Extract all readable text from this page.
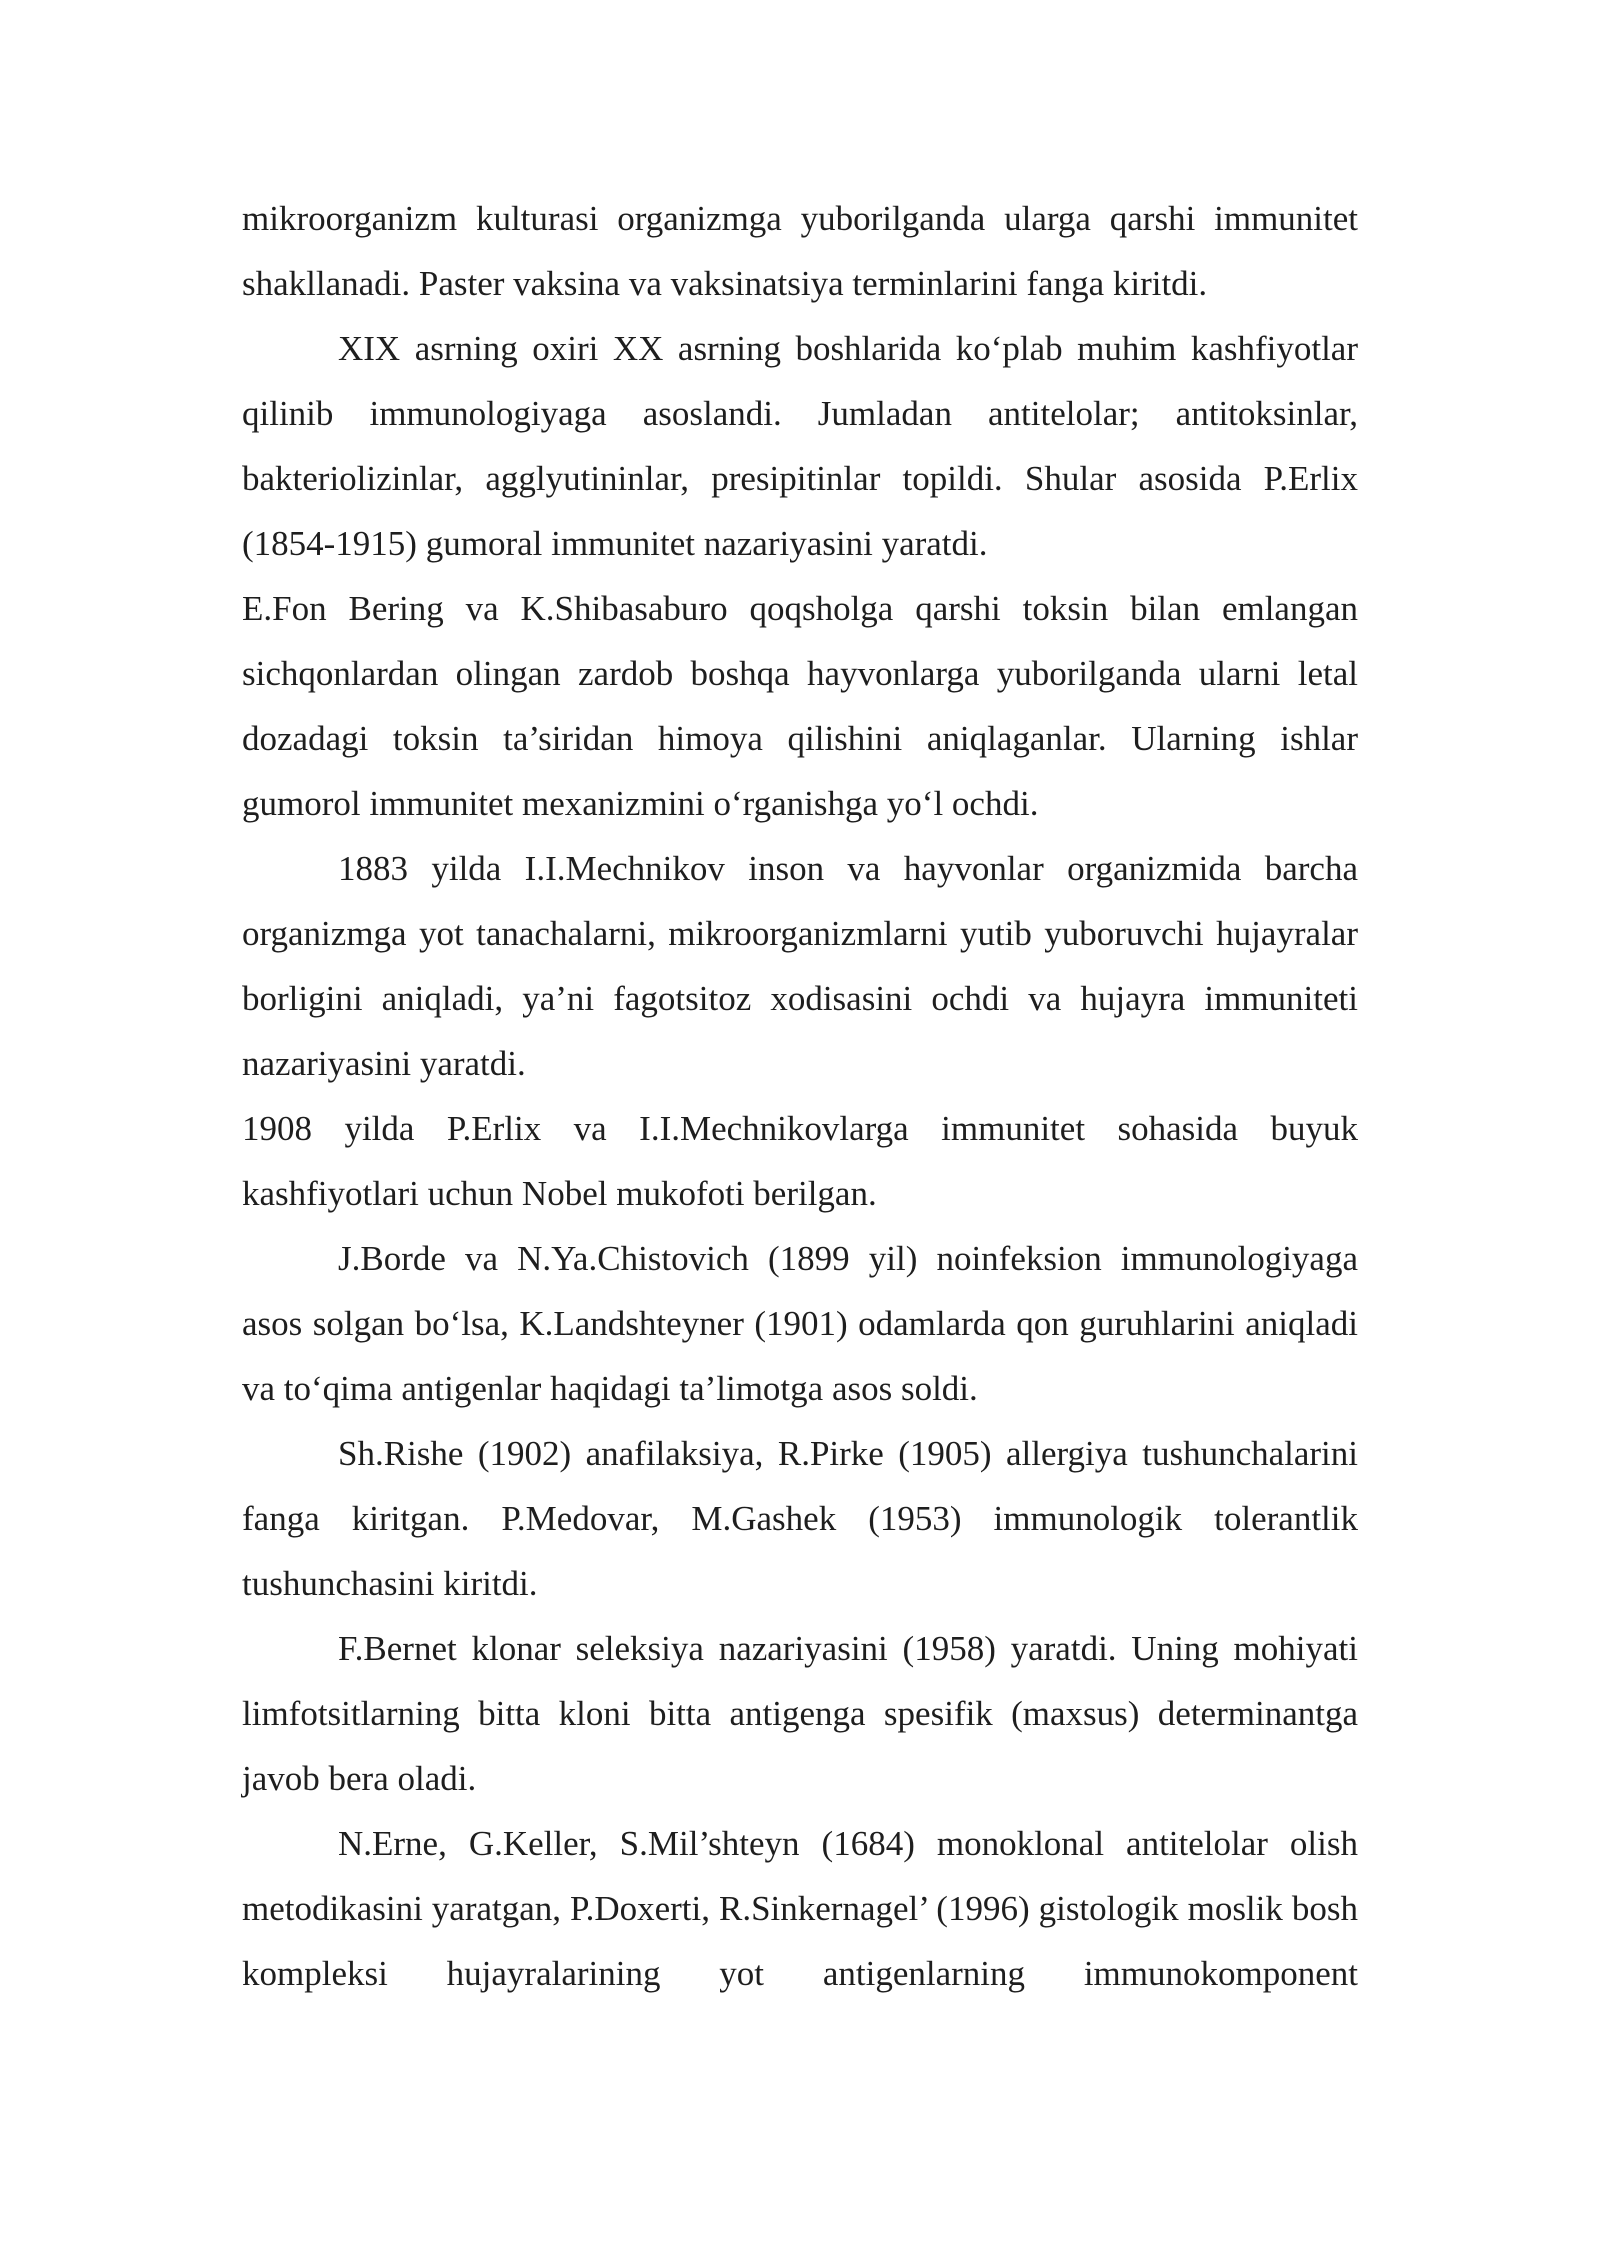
mikroorganizm kulturasi organizmga yuborilganda ularga qarshi immunitet shakllanadi. Paster vaksina va vaksinatsiya terminlarini fanga kiritdi.

XIX asrning oxiri XX asrning boshlarida ko‘plab muhim kashfiyotlar qilinib immunologiyaga asoslandi. Jumladan antitelolar; antitoksinlar, bakteriolizinlar, agglyutininlar, presipitinlar topildi. Shular asosida P.Erlix (1854-1915) gumoral immunitet nazariyasini yaratdi.

E.Fon Bering va K.Shibasaburo qoqsholga qarshi toksin bilan emlangan sichqonlardan olingan zardob boshqa hayvonlarga yuborilganda ularni letal dozadagi toksin ta’siridan himoya qilishini aniqlaganlar. Ularning ishlar gumorol immunitet mexanizmini o‘rganishga yo‘l ochdi.

1883 yilda I.I.Mechnikov inson va hayvonlar organizmida barcha organizmga yot tanachalarni, mikroorganizmlarni yutib yuboruvchi hujayralar borligini aniqladi, ya’ni fagotsitoz xodisasini ochdi va hujayra immuniteti nazariyasini yaratdi.

1908 yilda P.Erlix va I.I.Mechnikovlarga immunitet sohasida buyuk kashfiyotlari uchun Nobel mukofoti berilgan.

J.Borde va N.Ya.Chistovich (1899 yil) noinfeksion immunologiyaga asos solgan bo‘lsa, K.Landshteyner (1901) odamlarda qon guruhlarini aniqladi va to‘qima antigenlar haqidagi ta’limotga asos soldi.

Sh.Rishe (1902) anafilaksiya, R.Pirke (1905) allergiya tushunchalarini fanga kiritgan. P.Medovar, M.Gashek (1953) immunologik tolerantlik tushunchasini kiritdi.

F.Bernet klonar seleksiya nazariyasini (1958) yaratdi. Uning mohiyati limfotsitlarning bitta kloni bitta antigenga spesifik (maxsus) determinantga javob bera oladi.

N.Erne, G.Keller, S.Mil’shteyn (1684) monoklonal antitelolar olish metodikasini yaratgan, P.Doxerti, R.Sinkernagel’ (1996) gistologik moslik bosh kompleksi hujayralarining yot antigenlarning immunokomponent
